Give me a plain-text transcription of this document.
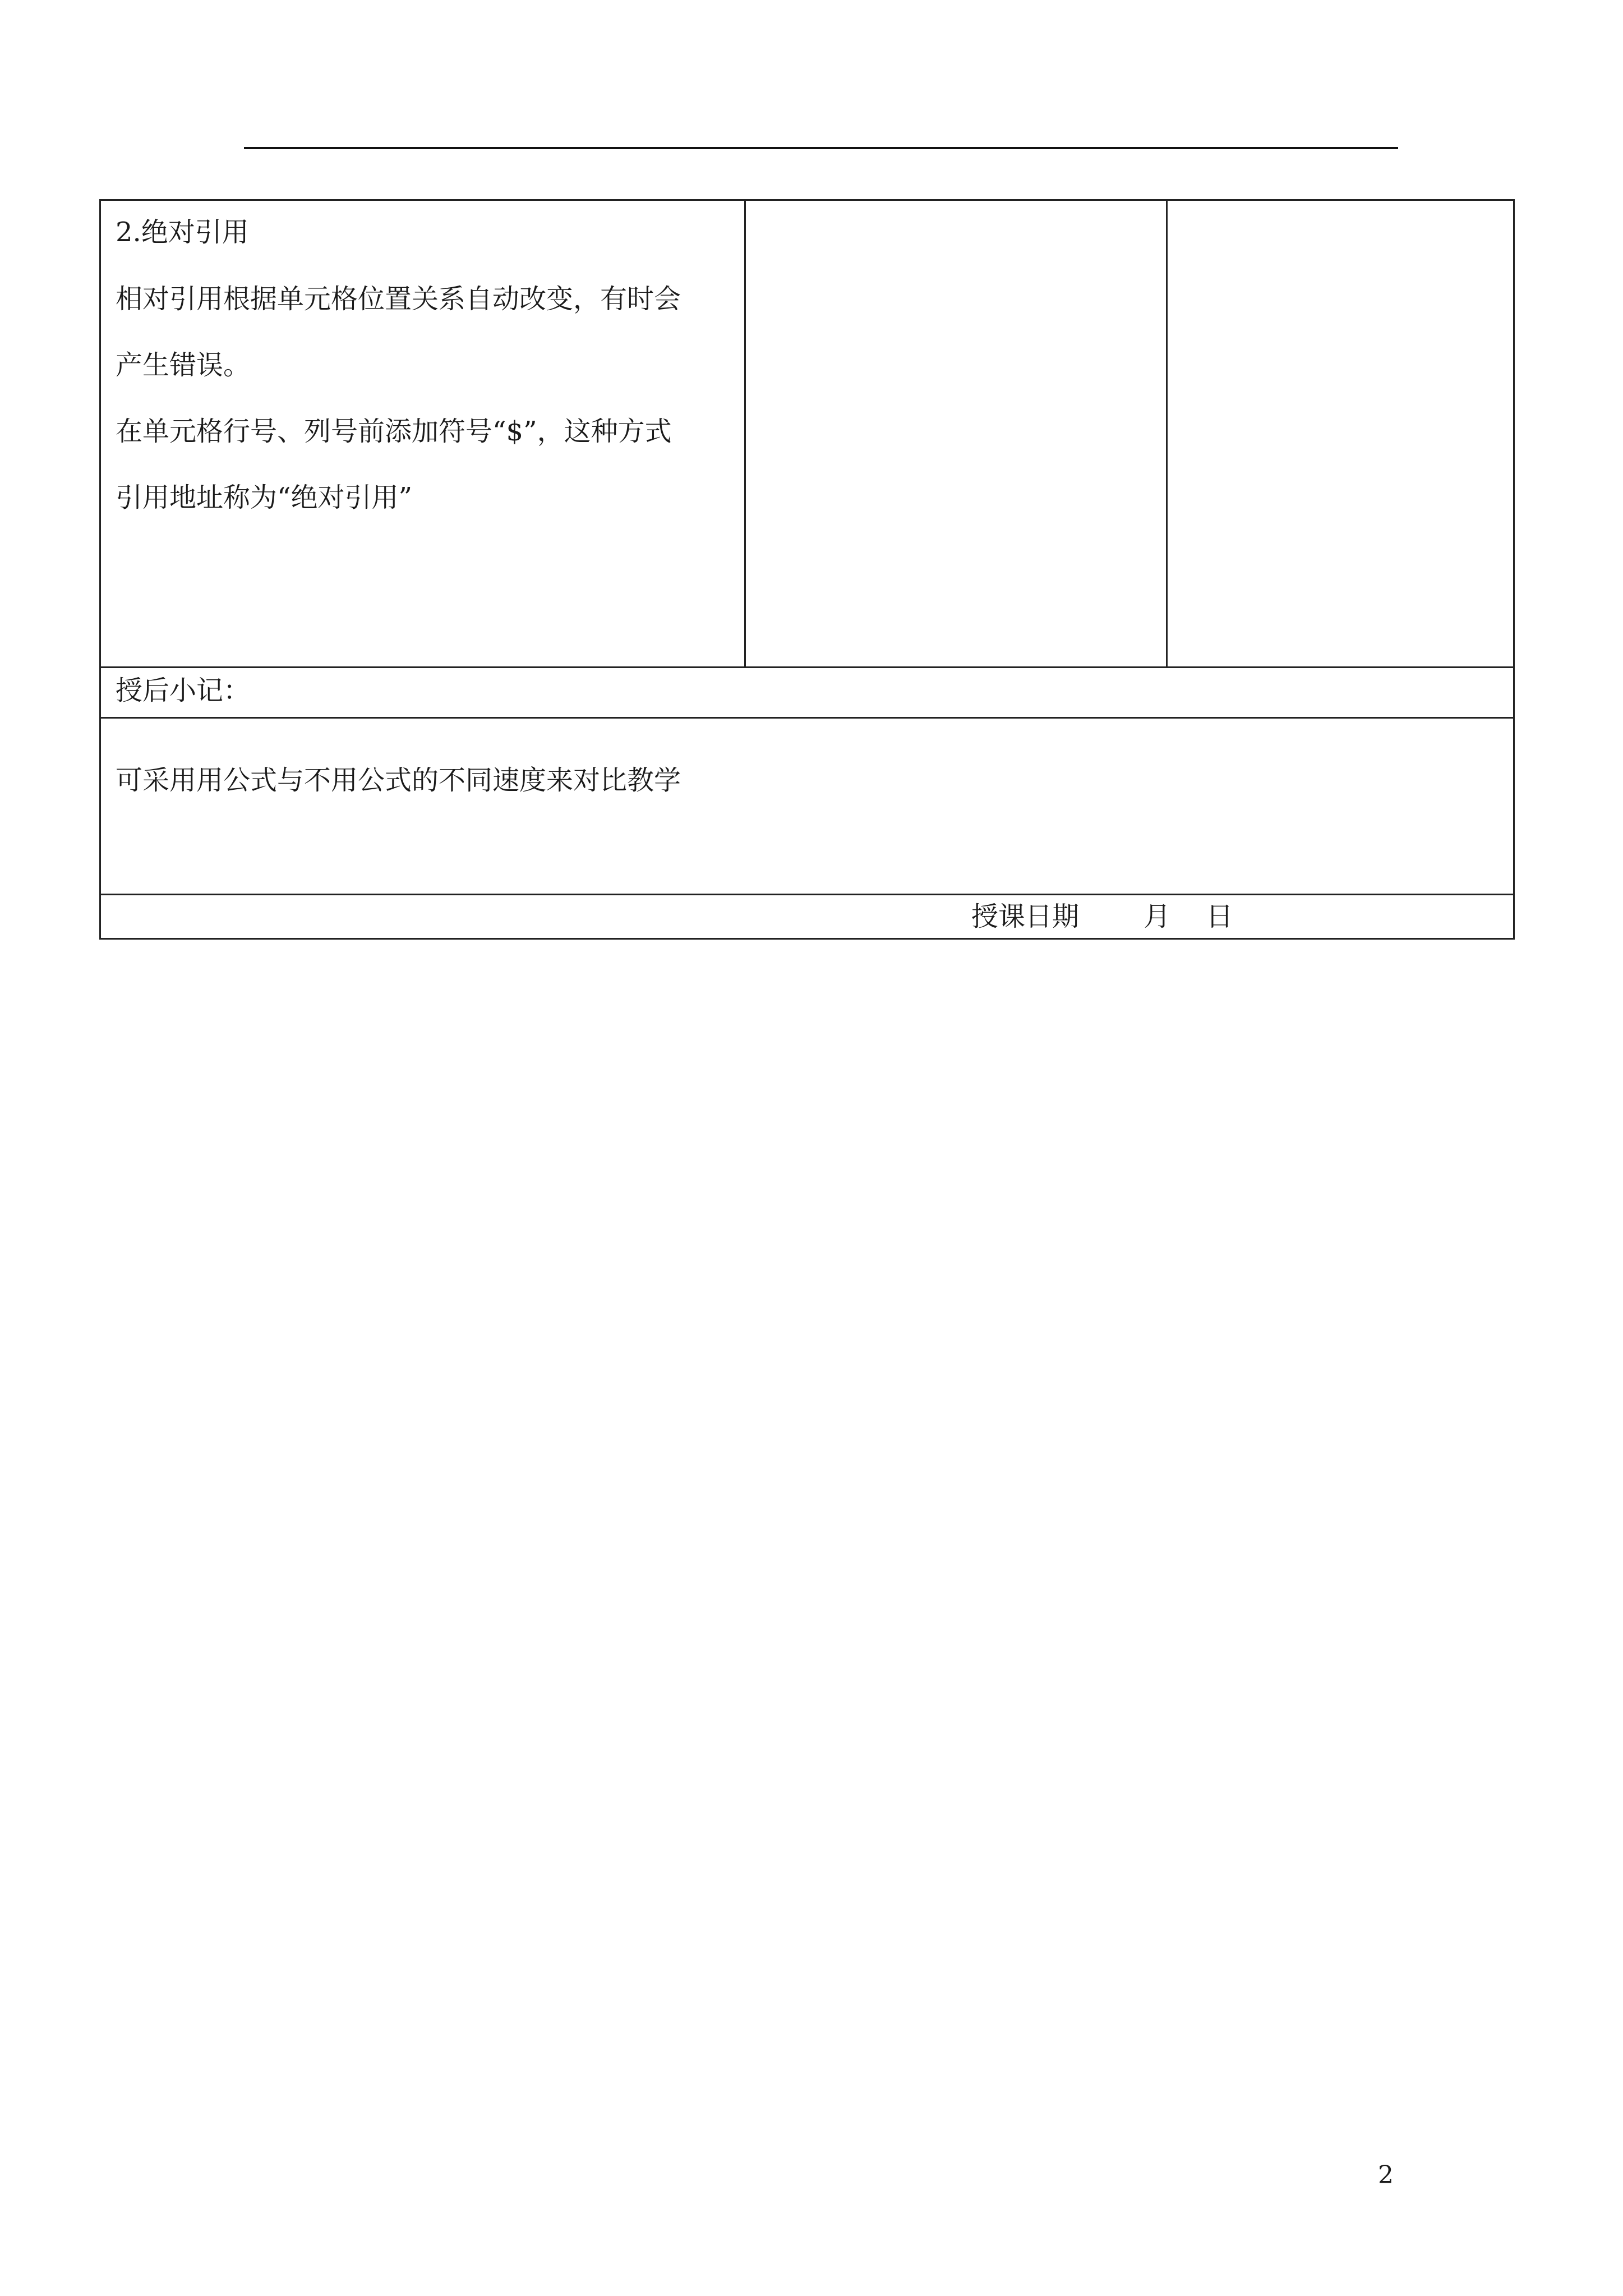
2.绝对引用
相对引用根据单元格位置关系自动改变，有时会
产生错误。
在单元格行号、列号前添加符号“$”，这种方式
引用地址称为“绝对引用”

授后小记：
可采用用公式与不用公式的不同速度来对比教学

授课日期 月 日
2
